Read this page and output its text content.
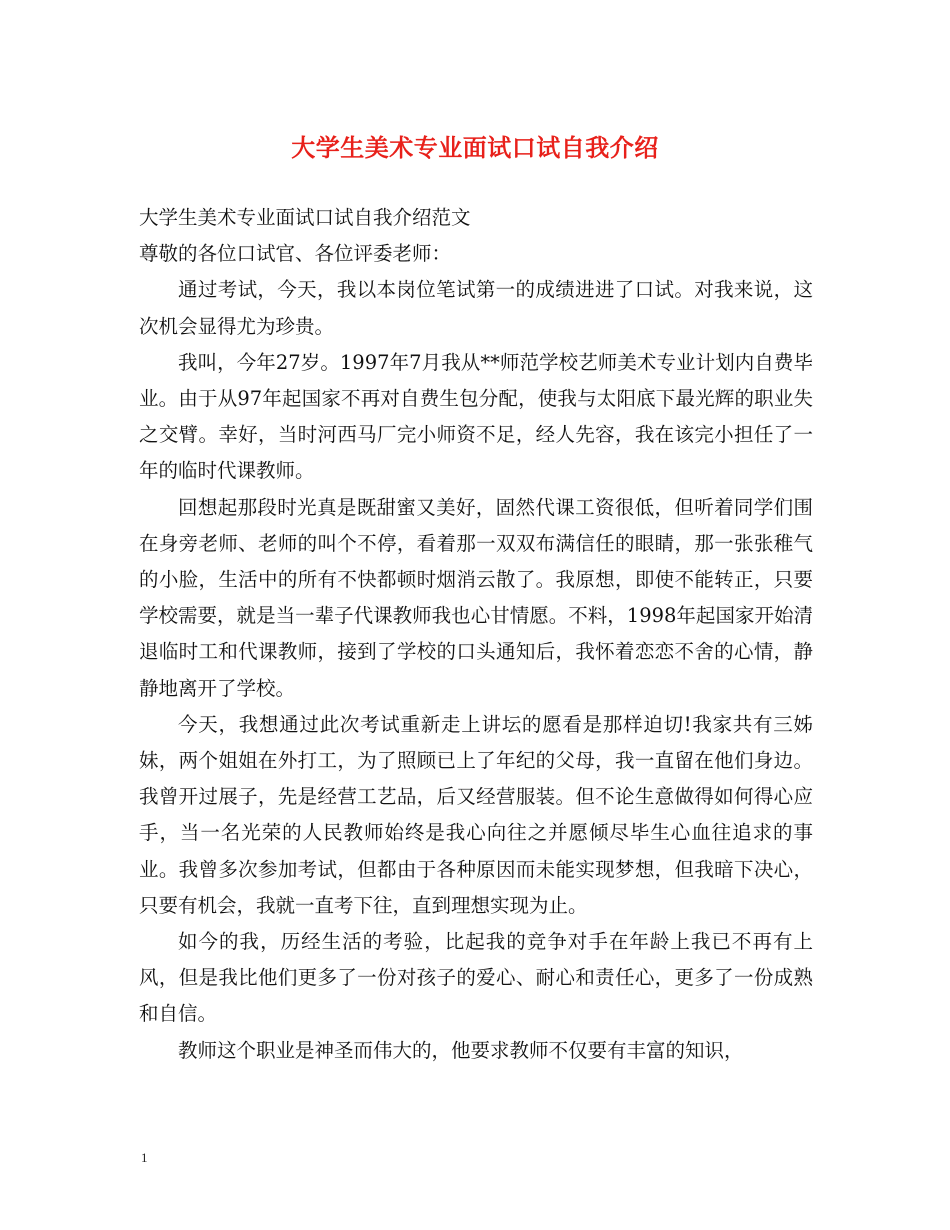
大学生美术专业面试口试自我介绍

大学生美术专业面试口试自我介绍范文

尊敬的各位口试官、各位评委老师：

通过考试，今天，我以本岗位笔试第一的成绩进进了口试。对我来说，这次机会显得尤为珍贵。

我叫，今年27岁。1997年7月我从**师范学校艺师美术专业计划内自费毕业。由于从97年起国家不再对自费生包分配，使我与太阳底下最光辉的职业失之交臂。幸好，当时河西马厂完小师资不足，经人先容，我在该完小担任了一年的临时代课教师。

回想起那段时光真是既甜蜜又美好，固然代课工资很低，但听着同学们围在身旁老师、老师的叫个不停，看着那一双双布满信任的眼睛，那一张张稚气的小脸，生活中的所有不快都顿时烟消云散了。我原想，即使不能转正，只要学校需要，就是当一辈子代课教师我也心甘情愿。不料，1998年起国家开始清退临时工和代课教师，接到了学校的口头通知后，我怀着恋恋不舍的心情，静静地离开了学校。

今天，我想通过此次考试重新走上讲坛的愿看是那样迫切!我家共有三姊妹，两个姐姐在外打工，为了照顾已上了年纪的父母，我一直留在他们身边。我曾开过展子，先是经营工艺品，后又经营服装。但不论生意做得如何得心应手，当一名光荣的人民教师始终是我心向往之并愿倾尽毕生心血往追求的事业。我曾多次参加考试，但都由于各种原因而未能实现梦想，但我暗下决心，只要有机会，我就一直考下往，直到理想实现为止。

如今的我，历经生活的考验，比起我的竞争对手在年龄上我已不再有上风，但是我比他们更多了一份对孩子的爱心、耐心和责任心，更多了一份成熟和自信。

教师这个职业是神圣而伟大的，他要求教师不仅要有丰富的知识，

1
